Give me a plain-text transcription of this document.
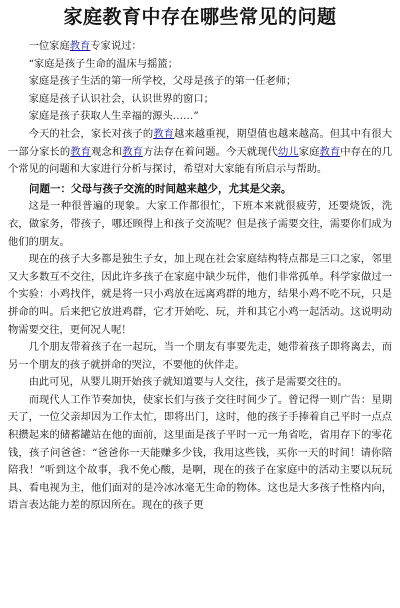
家庭教育中存在哪些常见的问题

一位家庭教育专家说过：

“家庭是孩子生命的温床与摇篮；

家庭是孩子生活的第一所学校，父母是孩子的第一任老师；

家庭是孩子认识社会，认识世界的窗口；

家庭是孩子获取人生幸福的源头……”

今天的社会，家长对孩子的教育越来越重视，期望值也越来越高。但其中有很大一部分家长的教育观念和教育方法存在着问题。今天就现代幼儿家庭教育中存在的几个常见的问题和大家进行分析与探讨，希望对大家能有所启示与帮助。

问题一：父母与孩子交流的时间越来越少，尤其是父亲。

这是一种很普遍的现象。大家工作都很忙，下班本来就很疲劳，还要烧饭，洗衣，做家务，带孩子，哪还顾得上和孩子交流呢？但是孩子需要交往，需要你们成为他们的朋友。

现在的孩子大多都是独生子女，加上现在社会家庭结构特点都是三口之家，邻里又大多数互不交往，因此许多孩子在家庭中缺少玩伴，他们非常孤单。科学家做过一个实验：小鸡找伴，就是将一只小鸡放在远离鸡群的地方，结果小鸡不吃不玩，只是拼命的叫。后来把它放进鸡群，它才开始吃、玩，并和其它小鸡一起活动。这说明动物需要交往，更何况人呢！

几个朋友带着孩子在一起玩，当一个朋友有事要先走，她带着孩子即将离去，而另一个朋友的孩子就拼命的哭泣，不要他的伙伴走。

由此可见，从婴儿期开始孩子就知道要与人交往，孩子是需要交往的。

而现代人工作节奏加快，使家长们与孩子交往时间少了。曾记得一则广告：星期天了，一位父亲却因为工作太忙，即将出门，这时，他的孩子手捧着自己平时一点点积攒起来的储蓄罐站在他的面前，这里面是孩子平时一元一角省吃，省用存下的零花钱，孩子问爸爸：“爸爸你一天能赚多少钱，我用这些钱，买你一天的时间！请你陪陪我！”听到这个故事，我不免心酸，是啊，现在的孩子在家庭中的活动主要以玩玩具、看电视为主，他们面对的是冷冰冰毫无生命的物体。这也是大多孩子性格内向，语言表达能力差的原因所在。现在的孩子更
